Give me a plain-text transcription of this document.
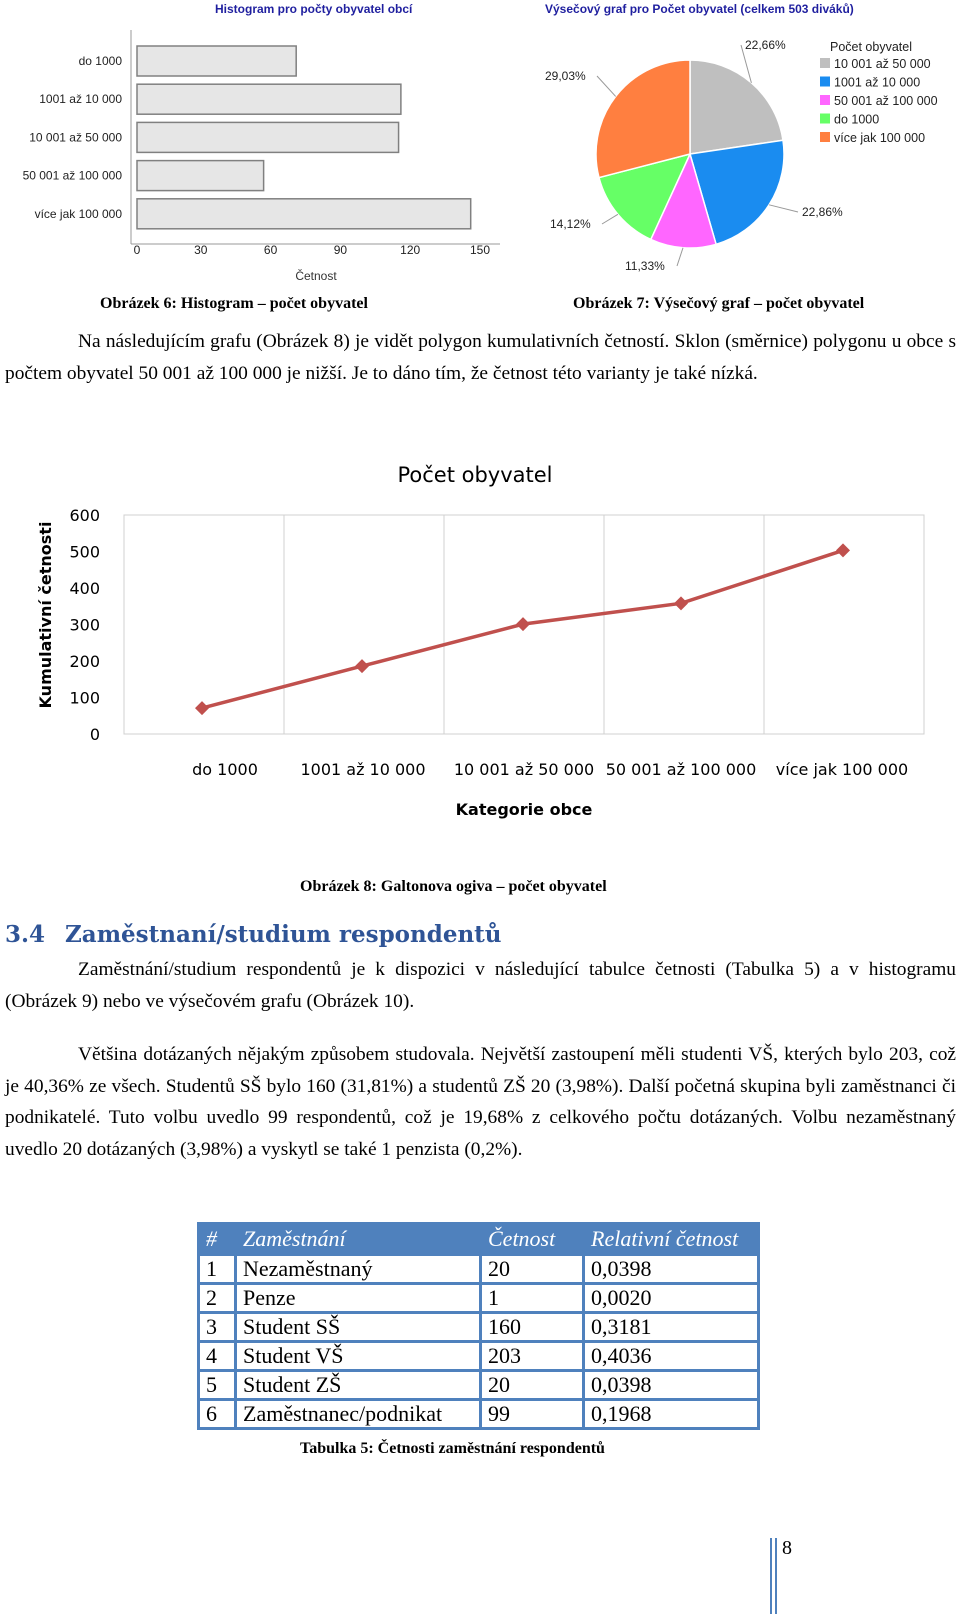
Histogram pro počty obyvatel obcí
do 1000
1001 až 10 000
10 001 až 50 000
50 001 až 100 000
více jak 100 000
0	30	60	90	120	150
Četnost
Výsečový graf pro Počet obyvatel (celkem 503 diváků)
22,66%
22,86%
11,33%
14,12%
29,03%
Počet obyvatel
10 001 až 50 000
1001 až 10 000
50 001 až 100 000
do 1000
více jak 100 000
Obrázek 6: Histogram – počet obyvatel	Obrázek 7: Výsečový graf – počet obyvatel

Na následujícím grafu (Obrázek 8) je vidět polygon kumulativních četností. Sklon (směrnice) polygonu u obce s počtem obyvatel 50 001 až 100 000 je nižší. Je to dáno tím, že četnost této varianty je také nízká.

Počet obyvatel
Kumulativní četnosti
0
100
200
300
400
500
600
do 1000	1001 až 10 000 10 001 až 50 000 50 001 až 100 000 více jak 100 000
Kategorie obce
Obrázek 8: Galtonova ogiva – počet obyvatel
3.4 Zaměstnaní/studium respondentů

Zaměstnání/studium respondentů je k dispozici v následující tabulce četnosti (Tabulka 5) a v histogramu (Obrázek 9) nebo ve výsečovém grafu (Obrázek 10).

Většina dotázaných nějakým způsobem studovala. Největší zastoupení měli studenti VŠ, kterých bylo 203, což je 40,36% ze všech. Studentů SŠ bylo 160 (31,81%) a studentů ZŠ 20 (3,98%). Další početná skupina byli zaměstnanci či podnikatelé. Tuto volbu uvedlo 99 respondentů, což je 19,68% z celkového počtu dotázaných. Volbu nezaměstnaný uvedlo 20 dotázaných (3,98%) a vyskytl se také 1 penzista (0,2%).

#	Zaměstnání	Četnost	Relativní četnost
1	Nezaměstnaný	20	0,0398
2	Penze	1	0,0020
3	Student SŠ	160	0,3181
4	Student VŠ	203	0,4036
5	Student ZŠ	20	0,0398
6	Zaměstnanec/podnikat	99	0,1968
Tabulka 5: Četnosti zaměstnání respondentů
8
